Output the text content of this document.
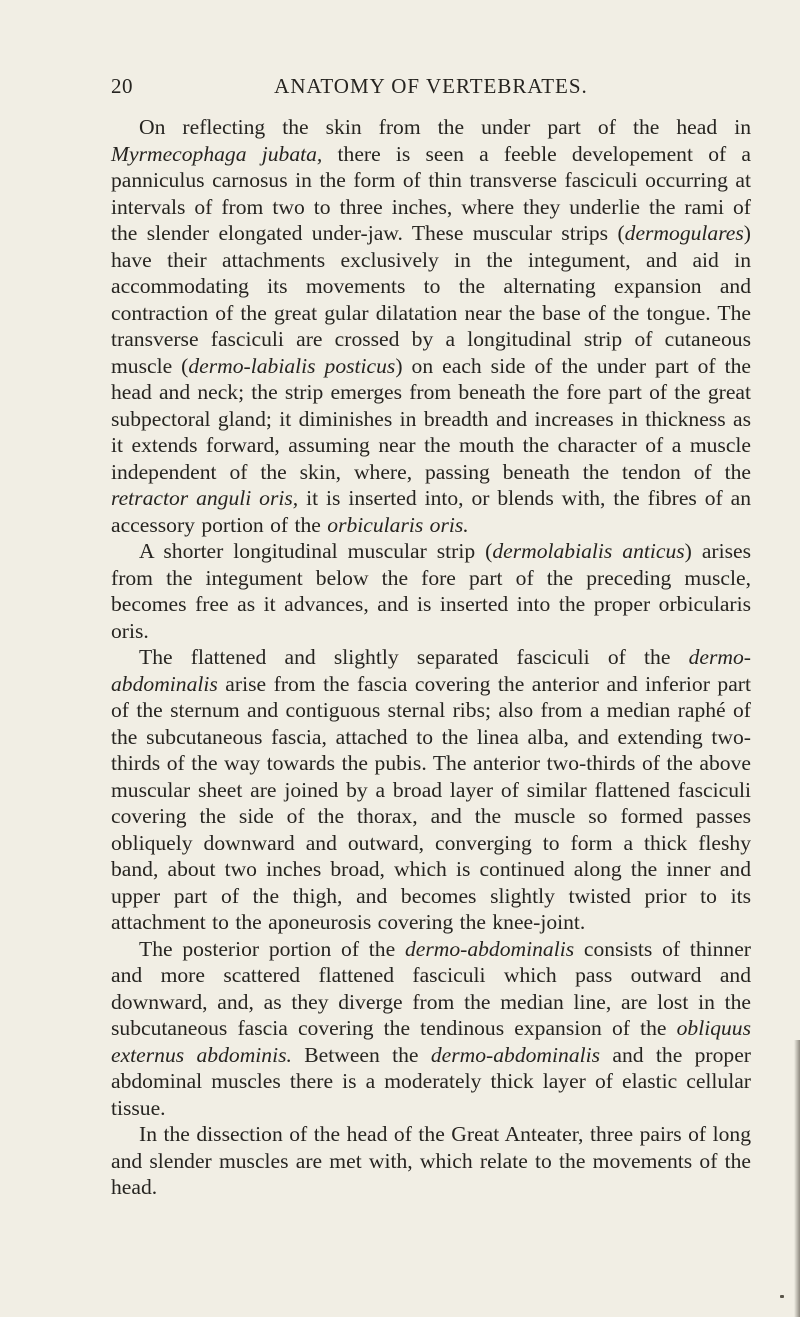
20	ANATOMY OF VERTEBRATES.

On reflecting the skin from the under part of the head in Myrmecophaga jubata, there is seen a feeble developement of a panniculus carnosus in the form of thin transverse fasciculi occurring at intervals of from two to three inches, where they underlie the rami of the slender elongated under-jaw. These muscular strips (dermogulares) have their attachments exclusively in the integument, and aid in accommodating its movements to the alternating expansion and contraction of the great gular dilatation near the base of the tongue. The transverse fasciculi are crossed by a longitudinal strip of cutaneous muscle (dermo-labialis posticus) on each side of the under part of the head and neck; the strip emerges from beneath the fore part of the great subpectoral gland; it diminishes in breadth and increases in thickness as it extends forward, assuming near the mouth the character of a muscle independent of the skin, where, passing beneath the tendon of the retractor anguli oris, it is inserted into, or blends with, the fibres of an accessory portion of the orbicularis oris.

A shorter longitudinal muscular strip (dermolabialis anticus) arises from the integument below the fore part of the preceding muscle, becomes free as it advances, and is inserted into the proper orbicularis oris.

The flattened and slightly separated fasciculi of the dermo-abdominalis arise from the fascia covering the anterior and inferior part of the sternum and contiguous sternal ribs; also from a median raphé of the subcutaneous fascia, attached to the linea alba, and extending two-thirds of the way towards the pubis. The anterior two-thirds of the above muscular sheet are joined by a broad layer of similar flattened fasciculi covering the side of the thorax, and the muscle so formed passes obliquely downward and outward, converging to form a thick fleshy band, about two inches broad, which is continued along the inner and upper part of the thigh, and becomes slightly twisted prior to its attachment to the aponeurosis covering the knee-joint.

The posterior portion of the dermo-abdominalis consists of thinner and more scattered flattened fasciculi which pass outward and downward, and, as they diverge from the median line, are lost in the subcutaneous fascia covering the tendinous expansion of the obliquus externus abdominis. Between the dermo-abdominalis and the proper abdominal muscles there is a moderately thick layer of elastic cellular tissue.

In the dissection of the head of the Great Anteater, three pairs of long and slender muscles are met with, which relate to the movements of the head.
